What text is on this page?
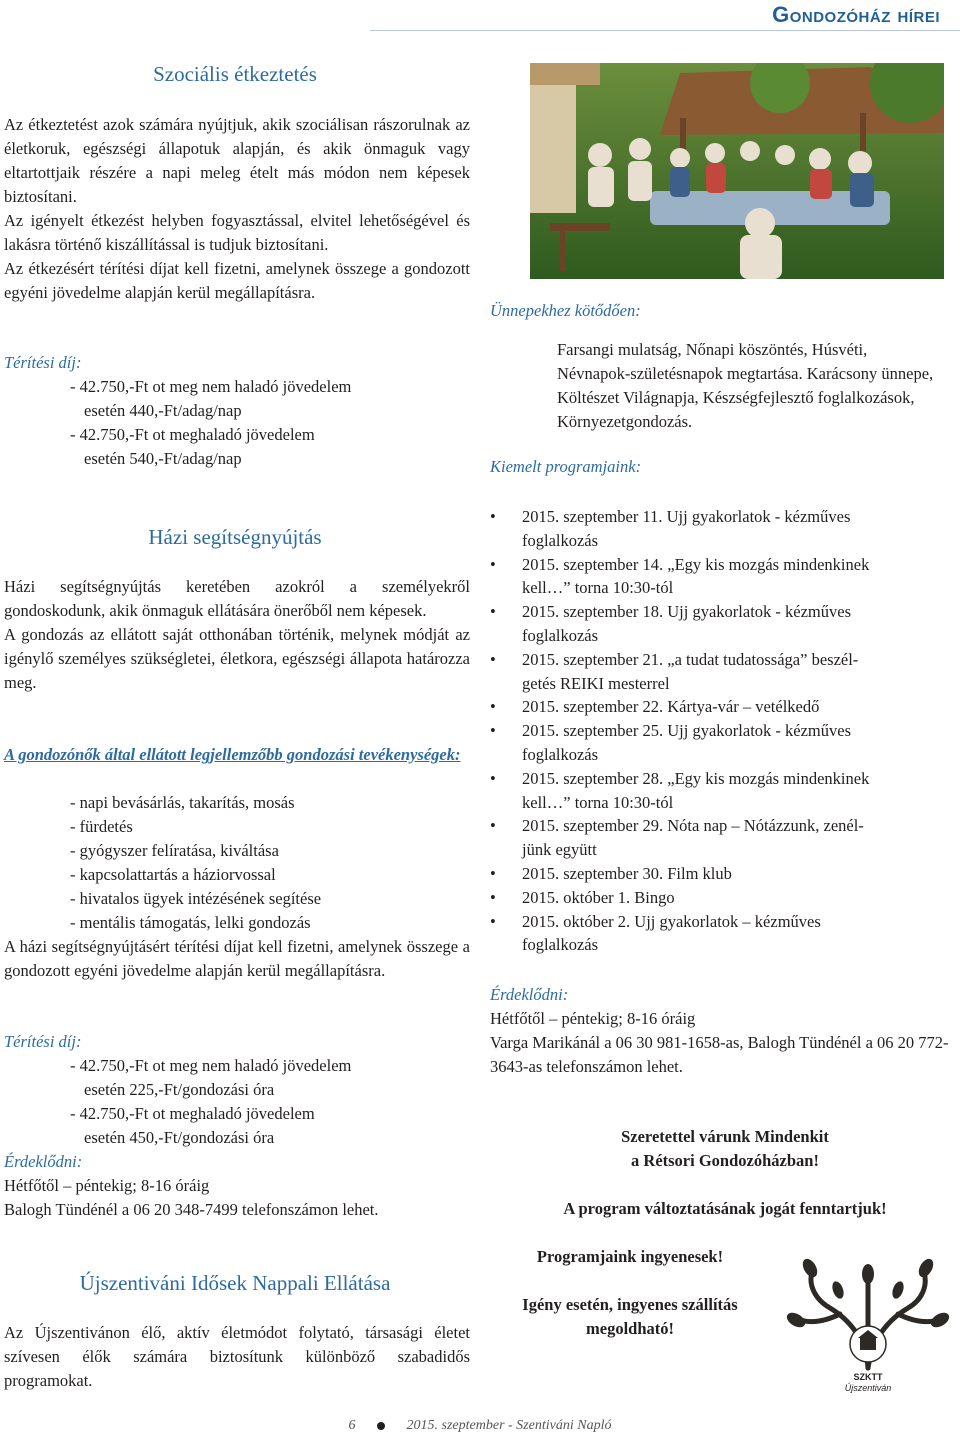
Gondozóház hírei
Szociális étkeztetés

Az étkeztetést azok számára nyújtjuk, akik szociálisan rászorulnak az életkoruk, egészségi állapotuk alapján, és akik önmaguk vagy eltartottjaik részére a napi meleg ételt más módon nem képesek biztosítani.

Az igényelt étkezést helyben fogyasztással, elvitel lehetőségével és lakásra történő kiszállítással is tudjuk biztosítani.

Az étkezésért térítési díjat kell fizetni, amelynek összege a gondozott egyéni jövedelme alapján kerül megállapításra.

Térítési díj:
- 42.750,-Ft ot meg nem haladó jövedelem
esetén 440,-Ft/adag/nap
- 42.750,-Ft ot meghaladó jövedelem
esetén 540,-Ft/adag/nap
Házi segítségnyújtás

Házi segítségnyújtás keretében azokról a személyekről gondoskodunk, akik önmaguk ellátására önerőből nem képesek.

A gondozás az ellátott saját otthonában történik, melynek módját az igénylő személyes szükségletei, életkora, egészségi állapota határozza meg.

A gondozónők által ellátott legjellemzőbb gondozási tevékenységek:
- napi bevásárlás, takarítás, mosás
- fürdetés
- gyógyszer felíratása, kiváltása
- kapcsolattartás a háziorvossal
- hivatalos ügyek intézésének segítése
- mentális támogatás, lelki gondozás
A házi segítségnyújtásért térítési díjat kell fizetni, amelynek összege a gondozott egyéni jövedelme alapján kerül megállapításra.
Térítési díj:
- 42.750,-Ft ot meg nem haladó jövedelem
esetén 225,-Ft/gondozási óra
- 42.750,-Ft ot meghaladó jövedelem
esetén 450,-Ft/gondozási óra
Érdeklődni:
Hétfőtől – péntekig; 8-16 óráig
Balogh Tündénél a 06 20 348-7499 telefonszámon lehet.
Újszentiváni Idősek Nappali Ellátása
Az Újszentivánon élő, aktív életmódot folytató, társasági életet szívesen élők számára biztosítunk különböző szabadidős programokat.
Ünnepekhez kötődően:
Farsangi mulatság, Nőnapi köszöntés, Húsvéti, Névnapok-születésnapok megtartása. Karácsony ünnepe, Költészet Világnapja, Készségfejlesztő foglalkozások, Környezetgondozás.
Kiemelt programjaink:
• 2015. szeptember 11. Ujj gyakorlatok - kézműves
foglalkozás
• 2015. szeptember 14. „Egy kis mozgás mindenkinek
kell…” torna 10:30-tól
• 2015. szeptember 18. Ujj gyakorlatok - kézműves
foglalkozás
• 2015. szeptember 21. „a tudat tudatossága” beszél-
getés REIKI mesterrel
• 2015. szeptember 22. Kártya-vár – vetélkedő
• 2015. szeptember 25. Ujj gyakorlatok - kézműves
foglalkozás
• 2015. szeptember 28. „Egy kis mozgás mindenkinek
kell…” torna 10:30-tól
• 2015. szeptember 29. Nóta nap – Nótázzunk, zenél-
jünk együtt
• 2015. szeptember 30. Film klub
• 2015. október 1. Bingo
• 2015. október 2. Ujj gyakorlatok – kézműves
foglalkozás
Érdeklődni:
Hétfőtől – péntekig; 8-16 óráig
Varga Marikánál a 06 30 981-1658-as, Balogh Tündénél a 06 20 772-3643-as telefonszámon lehet.
Szeretettel várunk Mindenkit
a Rétsori Gondozóházban!
A program változtatásának jogát fenntartjuk!
Programjaink ingyenesek!
Igény esetén, ingyenes szállítás
megoldható!
SZKTT
Újszentiván
6	2015. szeptember - Szentiváni Napló
